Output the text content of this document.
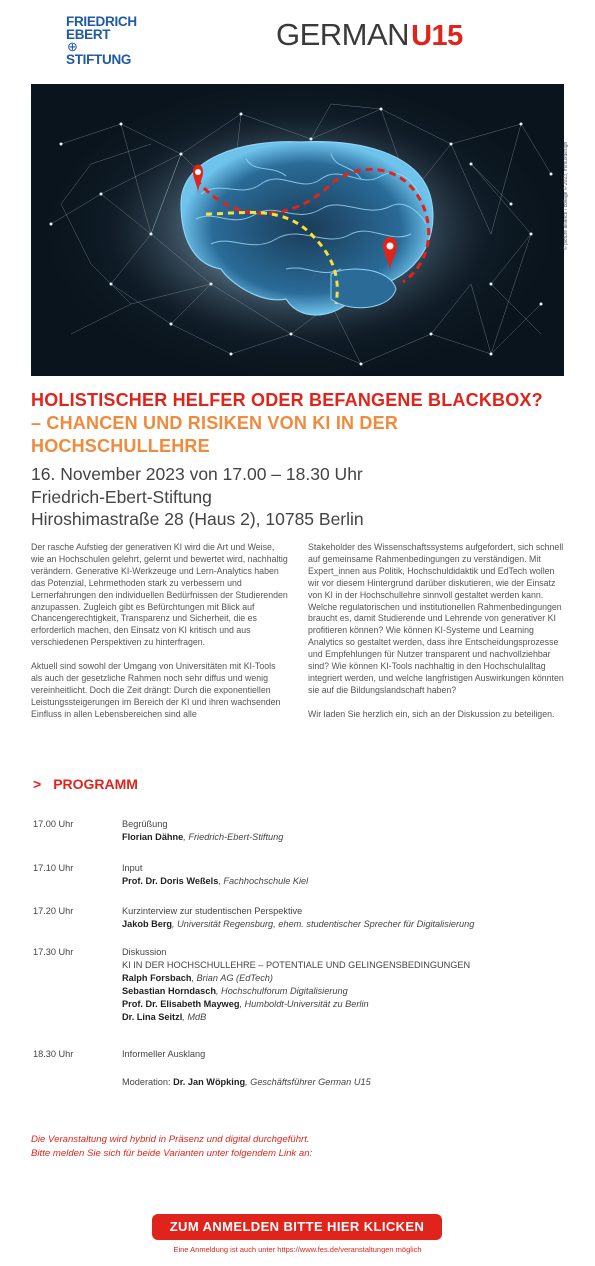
FRIEDRICH
EBERT
⊕
STIFTUNG
GERMANU15
© picture alliance / collage © 2023, mirsuxdesign
HOLISTISCHER HELFER ODER BEFANGENE BLACKBOX?
– CHANCEN UND RISIKEN VON KI IN DER
HOCHSCHULLEHRE
16. November 2023 von 17.00 – 18.30 Uhr
Friedrich-Ebert-Stiftung
Hiroshimastraße 28 (Haus 2), 10785 Berlin

Der rasche Aufstieg der generativen KI wird die Art und Weise, wie an Hochschulen gelehrt, gelernt und bewertet wird, nachhaltig verändern. Generative KI-Werkzeuge und Lern-Analytics haben das Potenzial, Lehrmethoden stark zu verbessern und Lernerfahrungen den individuellen Bedürfnissen der Studierenden anzupassen. Zugleich gibt es Befürchtungen mit Blick auf Chancengerechtigkeit, Transparenz und Sicherheit, die es erforderlich machen, den Einsatz von KI kritisch und aus verschiedenen Perspektiven zu hinterfragen.

Aktuell sind sowohl der Umgang von Universitäten mit KI-Tools als auch der gesetzliche Rahmen noch sehr diffus und wenig vereinheitlicht. Doch die Zeit drängt: Durch die exponentiellen Leistungssteigerungen im Bereich der KI und ihren wachsenden Einfluss in allen Lebensbereichen sind alle

Stakeholder des Wissenschaftssystems aufgefordert, sich schnell auf gemeinsame Rahmenbedingungen zu verständigen. Mit Expert_innen aus Politik, Hochschuldidaktik und EdTech wollen wir vor diesem Hintergrund darüber diskutieren, wie der Einsatz von KI in der Hochschullehre sinnvoll gestaltet werden kann. Welche regulatorischen und institutionellen Rahmenbedingungen braucht es, damit Studierende und Lehrende von generativer KI profitieren können? Wie können KI-Systeme und Learning Analytics so gestaltet werden, dass ihre Entscheidungsprozesse und Empfehlungen für Nutzer transparent und nachvollziehbar sind? Wie können KI-Tools nachhaltig in den Hochschulalltag integriert werden, und welche langfristigen Auswirkungen könnten sie auf die Bildungslandschaft haben?

Wir laden Sie herzlich ein, sich an der Diskussion zu beteiligen.

> PROGRAMM
17.00 Uhr	Begrüßung
Florian Dähne, Friedrich-Ebert-Stiftung
17.10 Uhr	Input
Prof. Dr. Doris Weßels, Fachhochschule Kiel
17.20 Uhr	Kurzinterview zur studentischen Perspektive
Jakob Berg, Universität Regensburg, ehem. studentischer Sprecher für Digitalisierung
17.30 Uhr	Diskussion
KI IN DER HOCHSCHULLEHRE – POTENTIALE UND GELINGENSBEDINGUNGEN
Ralph Forsbach, Brian AG (EdTech)
Sebastian Horndasch, Hochschulforum Digitalisierung
Prof. Dr. Elisabeth Mayweg, Humboldt-Universität zu Berlin
Dr. Lina Seitzl, MdB
18.30 Uhr	Informeller Ausklang
Moderation: Dr. Jan Wöpking, Geschäftsführer German U15
Die Veranstaltung wird hybrid in Präsenz und digital durchgeführt.
Bitte melden Sie sich für beide Varianten unter folgendem Link an:
ZUM ANMELDEN BITTE HIER KLICKEN
Eine Anmeldung ist auch unter https://www.fes.de/veranstaltungen möglich
